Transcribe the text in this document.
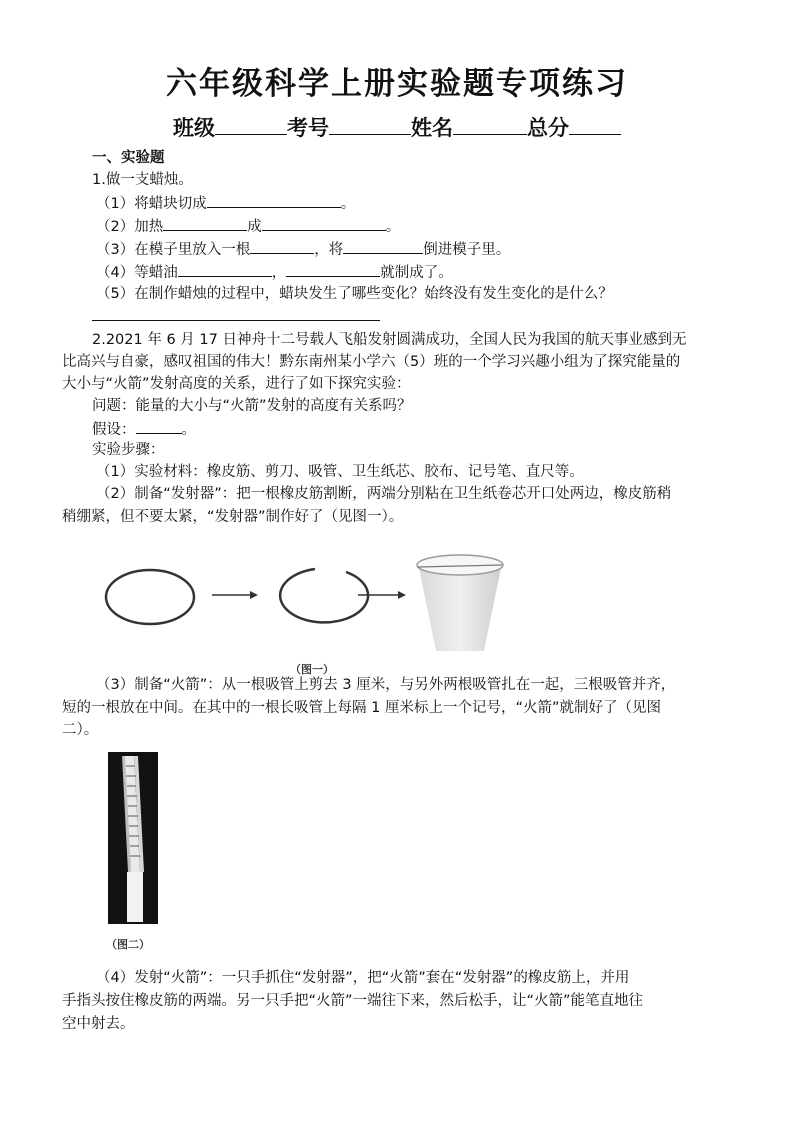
六年级科学上册实验题专项练习
班级	考号	姓名	总分
一、实验题
1.做一支蜡烛。
（1）将蜡块切成	。
（2）加热	成	。
（3）在模子里放入一根	，将	倒进模子里。
（4）等蜡油	，	就制成了。
（5）在制作蜡烛的过程中，蜡块发生了哪些变化？始终没有发生变化的是什么？
2.2021 年 6 月 17 日神舟十二号载人飞船发射圆满成功，全国人民为我国的航天事业感到无
比高兴与自豪，感叹祖国的伟大！黔东南州某小学六（5）班的一个学习兴趣小组为了探究能量的
大小与“火箭”发射高度的关系，进行了如下探究实验：
问题：能量的大小与“火箭”发射的高度有关系吗？
假设：	。
实验步骤：
（1）实验材料：橡皮筋、剪刀、吸管、卫生纸芯、胶布、记号笔、直尺等。
（2）制备“发射器”：把一根橡皮筋割断，两端分别粘在卫生纸卷芯开口处两边，橡皮筋稍
稍绷紧，但不要太紧，“发射器”制作好了（见图一）。
（图一）
（3）制备“火箭”：从一根吸管上剪去 3 厘米，与另外两根吸管扎在一起，三根吸管并齐，
短的一根放在中间。在其中的一根长吸管上每隔 1 厘米标上一个记号，“火箭”就制好了（见图
二）。
（图二）
（4）发射“火箭”：一只手抓住“发射器”，把“火箭”套在“发射器”的橡皮筋上，并用
手指头按住橡皮筋的两端。另一只手把“火箭”一端往下来，然后松手，让“火箭”能笔直地往
空中射去。
